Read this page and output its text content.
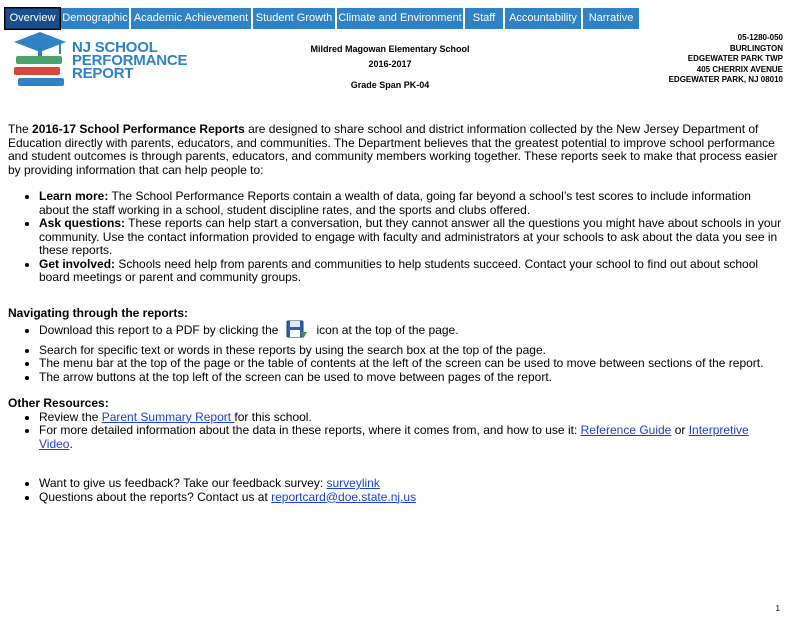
Overview Demographic Academic Achievement Student Growth Climate and Environment	Staff	Accountability	Narrative
NJ SCHOOL
PERFORMANCE
REPORT
Mildred Magowan Elementary School
2016-2017
Grade Span PK-04
05-1280-050
BURLINGTON
EDGEWATER PARK TWP
405 CHERRIX AVENUE
EDGEWATER PARK, NJ 08010

The 2016-17 School Performance Reports are designed to share school and district information collected by the New Jersey Department of Education directly with parents, educators, and communities. The Department believes that the greatest potential to improve school performance and student outcomes is through parents, educators, and community members working together. These reports seek to make that process easier by providing information that can help people to:

• Learn more: The School Performance Reports contain a wealth of data, going far beyond a school’s test scores to include information about the staff working in a school, student discipline rates, and the sports and clubs offered.
• Ask questions: These reports can help start a conversation, but they cannot answer all the questions you might have about schools in your community. Use the contact information provided to engage with faculty and administrators at your schools to ask about the data you see in these reports.
• Get involved: Schools need help from parents and communities to help students succeed. Contact your school to find out about school board meetings or parent and community groups.

Navigating through the reports:

• Download this report to a PDF by clicking the	icon at the top of the page.
• Search for specific text or words in these reports by using the search box at the top of the page.
• The menu bar at the top of the page or the table of contents at the left of the screen can be used to move between sections of the report.
• The arrow buttons at the top left of the screen can be used to move between pages of the report.

Other Resources:

• Review the Parent Summary Report for this school.
• For more detailed information about the data in these reports, where it comes from, and how to use it: Reference Guide or Interpretive Video.
• Want to give us feedback? Take our feedback survey: surveylink
• Questions about the reports? Contact us at reportcard@doe.state.nj.us
1
